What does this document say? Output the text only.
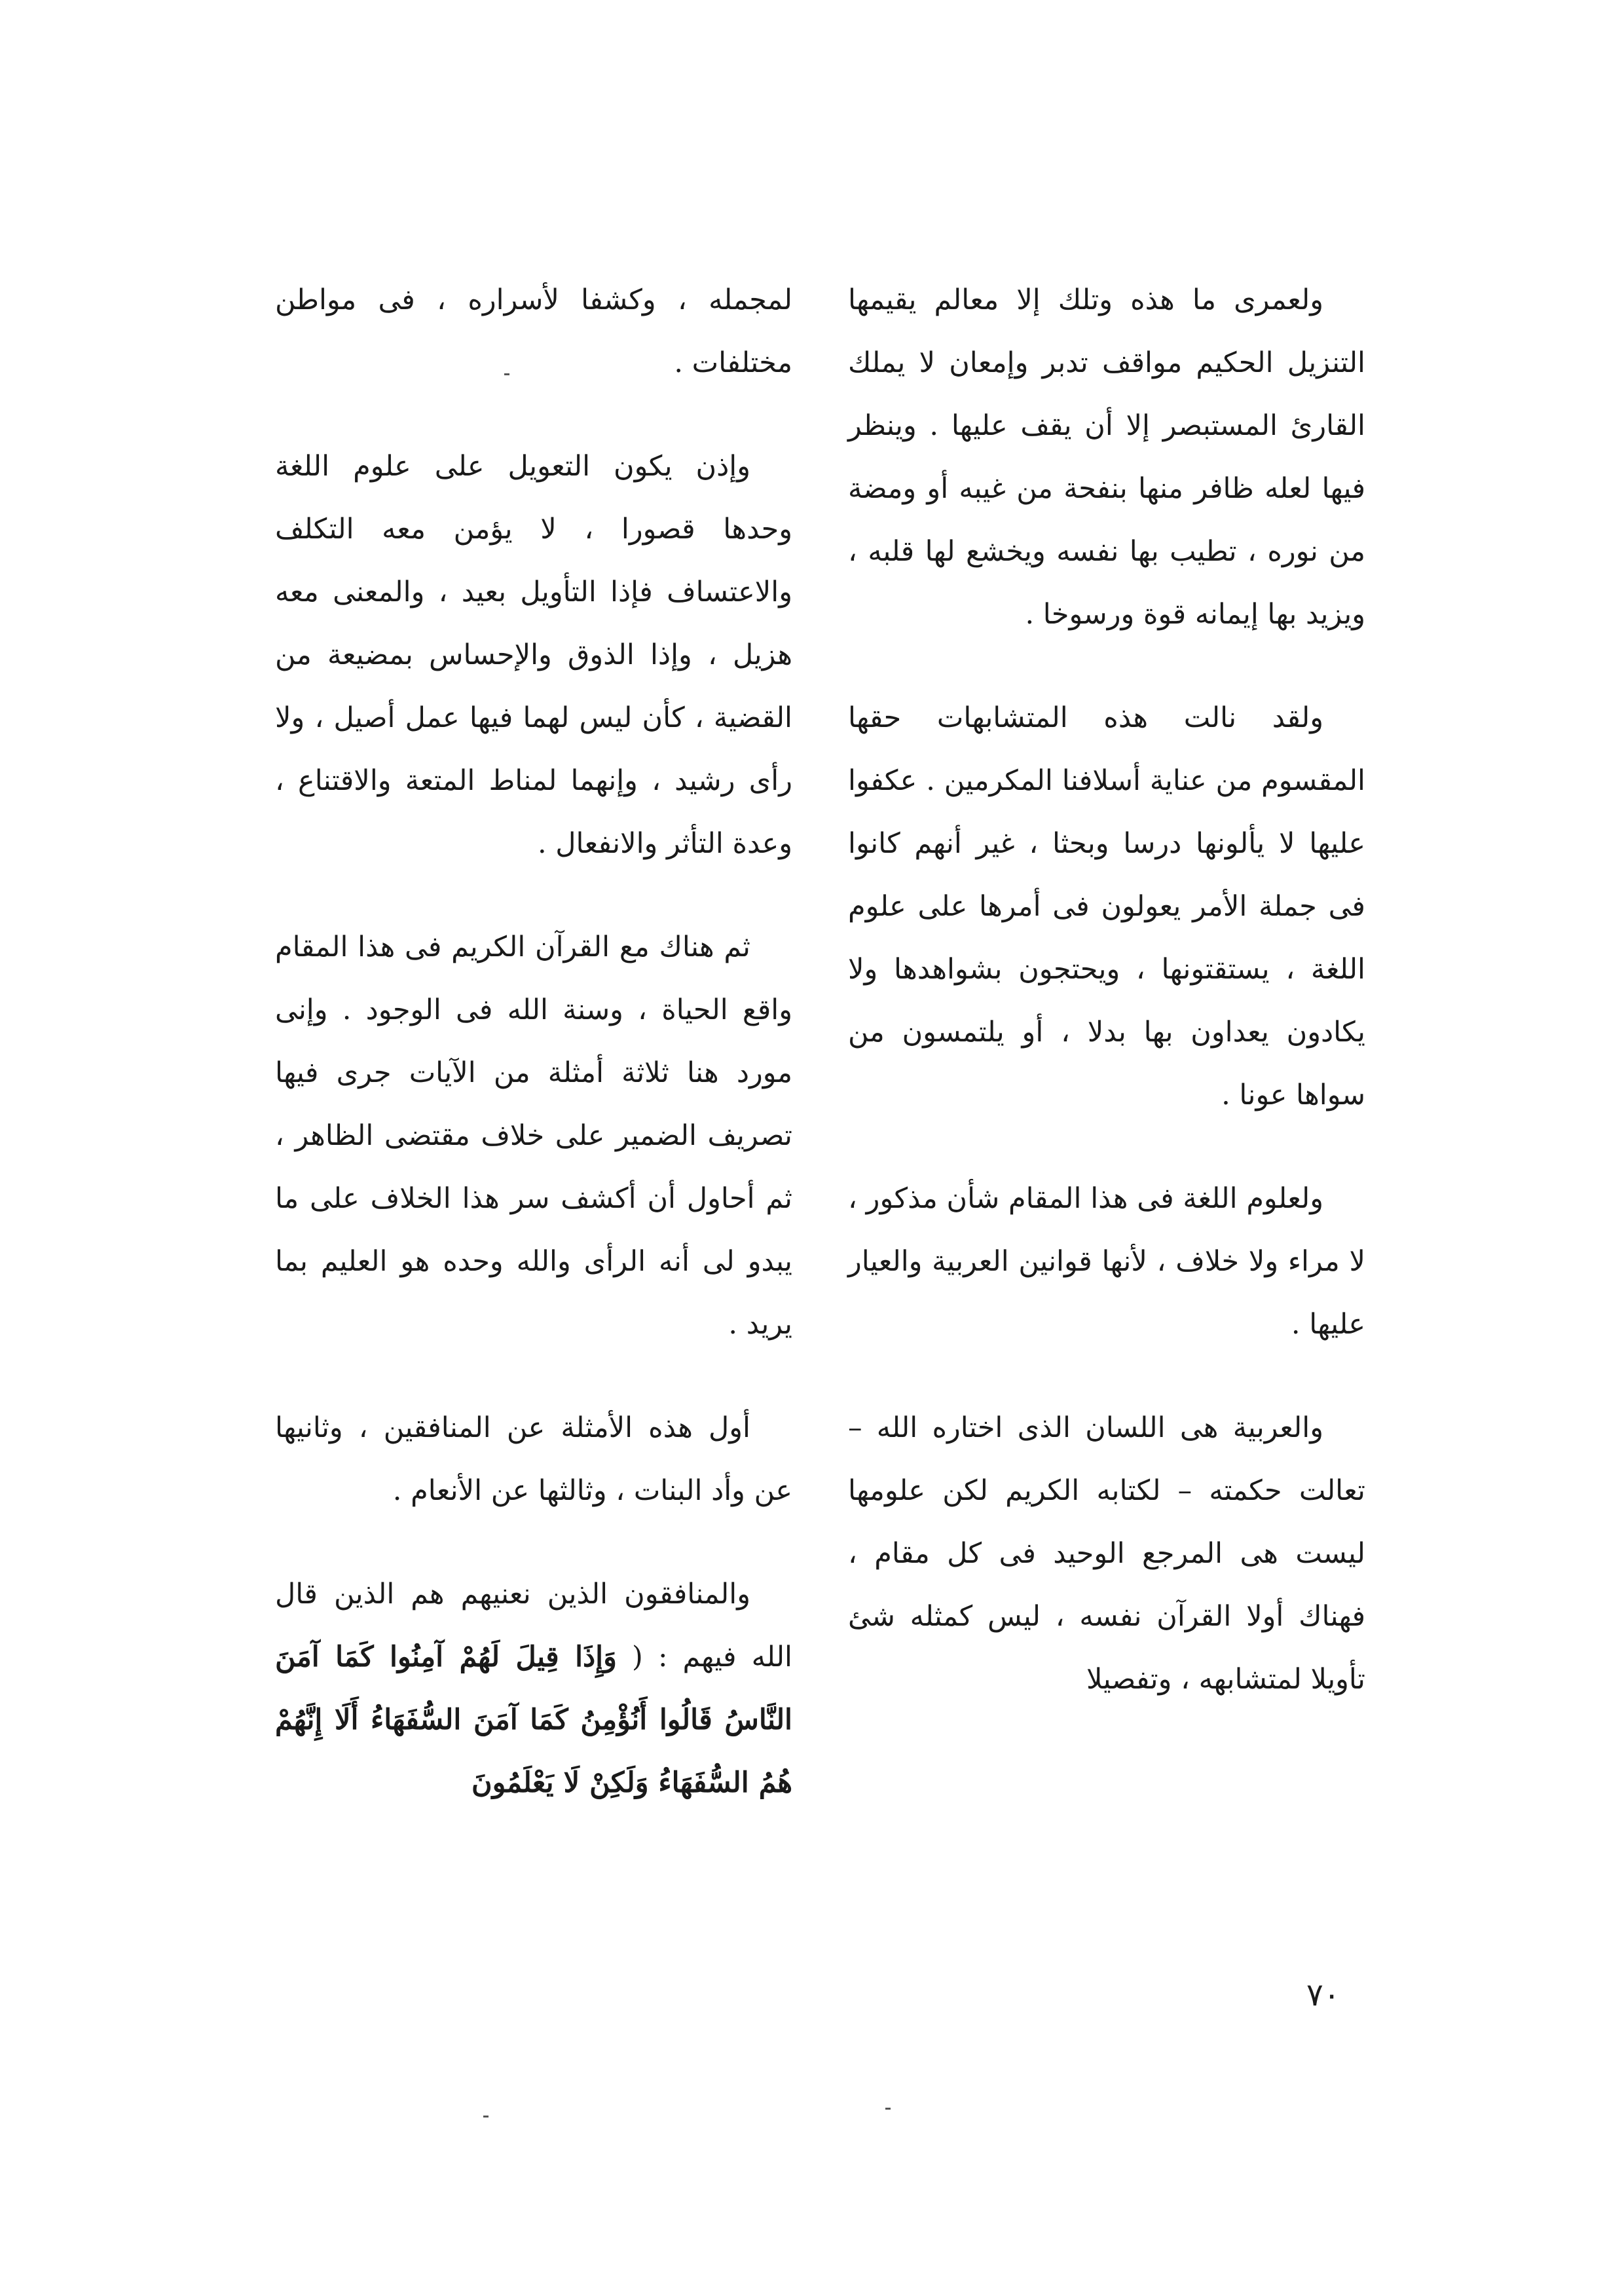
ولعمرى ما هذه وتلك إلا معالم يقيمها التنزيل الحكيم مواقف تدبر وإمعان لا يملك القارئ المستبصر إلا أن يقف عليها . وينظر فيها لعله ظافر منها بنفحة من غيبه أو ومضة من نوره ، تطيب بها نفسه ويخشع لها قلبه ، ويزيد بها إيمانه قوة ورسوخا .

ولقد نالت هذه المتشابهات حقها المقسوم من عناية أسلافنا المكرمين . عكفوا عليها لا يألونها درسا وبحثا ، غير أنهم كانوا فى جملة الأمر يعولون فى أمرها على علوم اللغة ، يستقتونها ، ويحتجون بشواهدها ولا يكادون يعداون بها بدلا ، أو يلتمسون من سواها عونا .

ولعلوم اللغة فى هذا المقام شأن مذكور ، لا مراء ولا خلاف ، لأنها قوانين العربية والعيار عليها .

والعربية هى اللسان الذى اختاره الله – تعالت حكمته – لكتابه الكريم لكن علومها ليست هى المرجع الوحيد فى كل مقام ، فهناك أولا القرآن نفسه ، ليس كمثله شئ تأويلا لمتشابهه ، وتفصيلا

لمجمله ، وكشفا لأسراره ، فى مواطن مختلفات .

وإذن يكون التعويل على علوم اللغة وحدها قصورا ، لا يؤمن معه التكلف والاعتساف فإذا التأويل بعيد ، والمعنى معه هزيل ، وإذا الذوق والإحساس بمضيعة من القضية ، كأن ليس لهما فيها عمل أصيل ، ولا رأى رشيد ، وإنهما لمناط المتعة والاقتناع ، وعدة التأثر والانفعال .

ثم هناك مع القرآن الكريم فى هذا المقام واقع الحياة ، وسنة الله فى الوجود . وإنى مورد هنا ثلاثة أمثلة من الآيات جرى فيها تصريف الضمير على خلاف مقتضى الظاهر ، ثم أحاول أن أكشف سر هذا الخلاف على ما يبدو لى أنه الرأى والله وحده هو العليم بما يريد .

أول هذه الأمثلة عن المنافقين ، وثانيها عن وأد البنات ، وثالثها عن الأنعام .

والمنافقون الذين نعنيهم هم الذين قال الله فيهم : ( وَإِذَا قِيلَ لَهُمْ آمِنُوا كَمَا آمَنَ النَّاسُ قَالُوا أَنُؤْمِنُ كَمَا آمَنَ السُّفَهَاءُ أَلَا إِنَّهُمْ هُمُ السُّفَهَاءُ وَلَكِنْ لَا يَعْلَمُونَ

٧٠
